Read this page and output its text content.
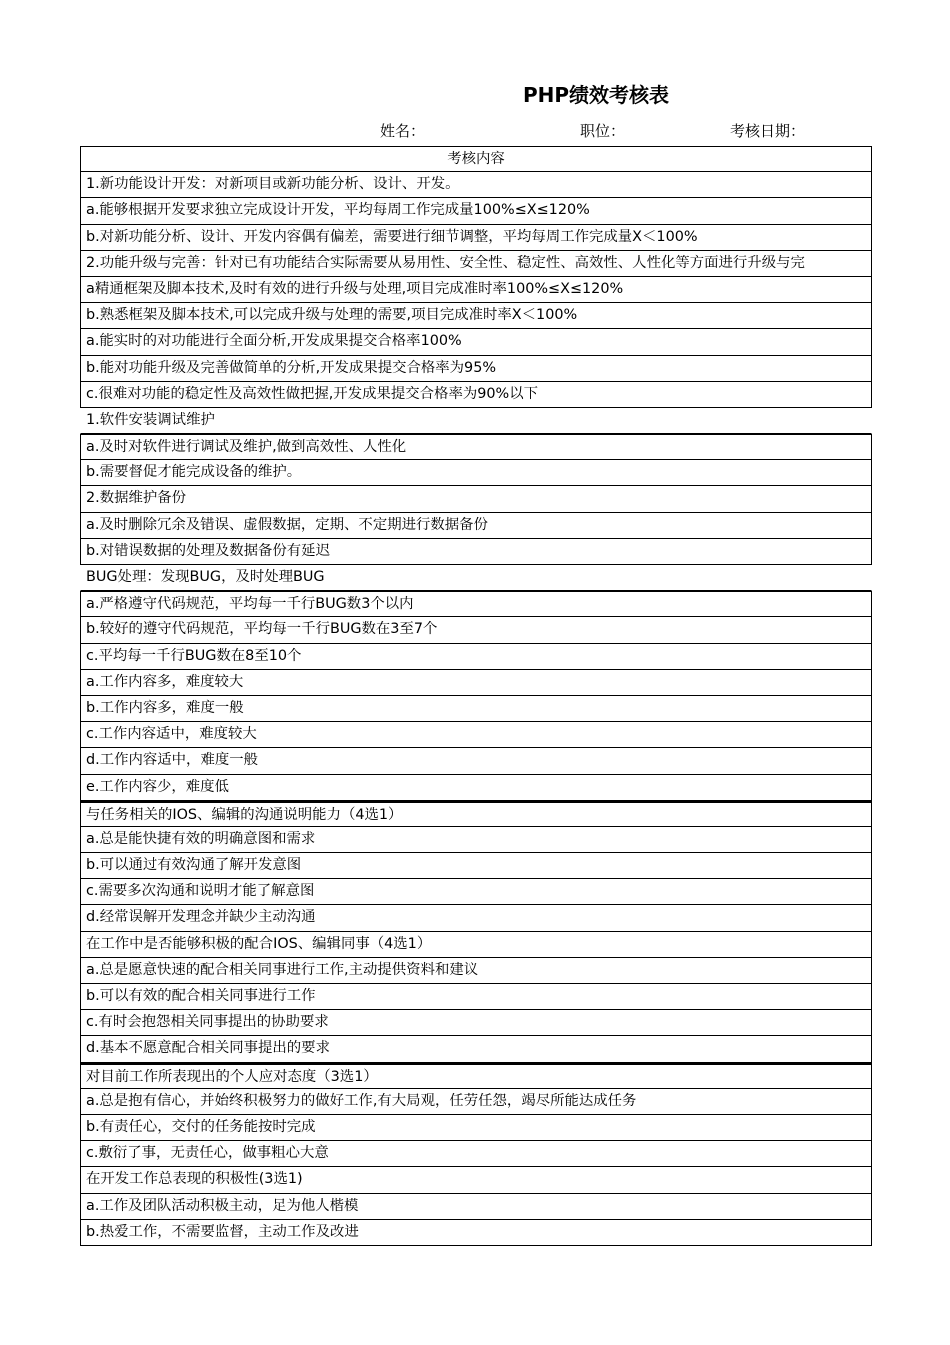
PHP绩效考核表
姓名：	职位：	考核日期：
考核内容
1.新功能设计开发：对新项目或新功能分析、设计、开发。
a.能够根据开发要求独立完成设计开发，平均每周工作完成量100%≤X≤120%
b.对新功能分析、设计、开发内容偶有偏差，需要进行细节调整，平均每周工作完成量X＜100%
2.功能升级与完善：针对已有功能结合实际需要从易用性、安全性、稳定性、高效性、人性化等方面进行升级与完
a精通框架及脚本技术,及时有效的进行升级与处理,项目完成准时率100%≤X≤120%
b.熟悉框架及脚本技术,可以完成升级与处理的需要,项目完成准时率X＜100%
a.能实时的对功能进行全面分析,开发成果提交合格率100%
b.能对功能升级及完善做简单的分析,开发成果提交合格率为95%
c.很难对功能的稳定性及高效性做把握,开发成果提交合格率为90%以下
1.软件安装调试维护
a.及时对软件进行调试及维护,做到高效性、人性化
b.需要督促才能完成设备的维护。
2.数据维护备份
a.及时删除冗余及错误、虚假数据，定期、不定期进行数据备份
b.对错误数据的处理及数据备份有延迟
BUG处理：发现BUG，及时处理BUG
a.严格遵守代码规范，平均每一千行BUG数3个以内
b.较好的遵守代码规范，平均每一千行BUG数在3至7个
c.平均每一千行BUG数在8至10个
a.工作内容多，难度较大
b.工作内容多，难度一般
c.工作内容适中，难度较大
d.工作内容适中，难度一般
e.工作内容少，难度低
与任务相关的IOS、编辑的沟通说明能力（4选1）
a.总是能快捷有效的明确意图和需求
b.可以通过有效沟通了解开发意图
c.需要多次沟通和说明才能了解意图
d.经常误解开发理念并缺少主动沟通
在工作中是否能够积极的配合IOS、编辑同事（4选1）
a.总是愿意快速的配合相关同事进行工作,主动提供资料和建议
b.可以有效的配合相关同事进行工作
c.有时会抱怨相关同事提出的协助要求
d.基本不愿意配合相关同事提出的要求
对目前工作所表现出的个人应对态度（3选1）
a.总是抱有信心，并始终积极努力的做好工作,有大局观，任劳任怨，竭尽所能达成任务
b.有责任心，交付的任务能按时完成
c.敷衍了事，无责任心，做事粗心大意
在开发工作总表现的积极性(3选1)
a.工作及团队活动积极主动，足为他人楷模
b.热爱工作，不需要监督，主动工作及改进
